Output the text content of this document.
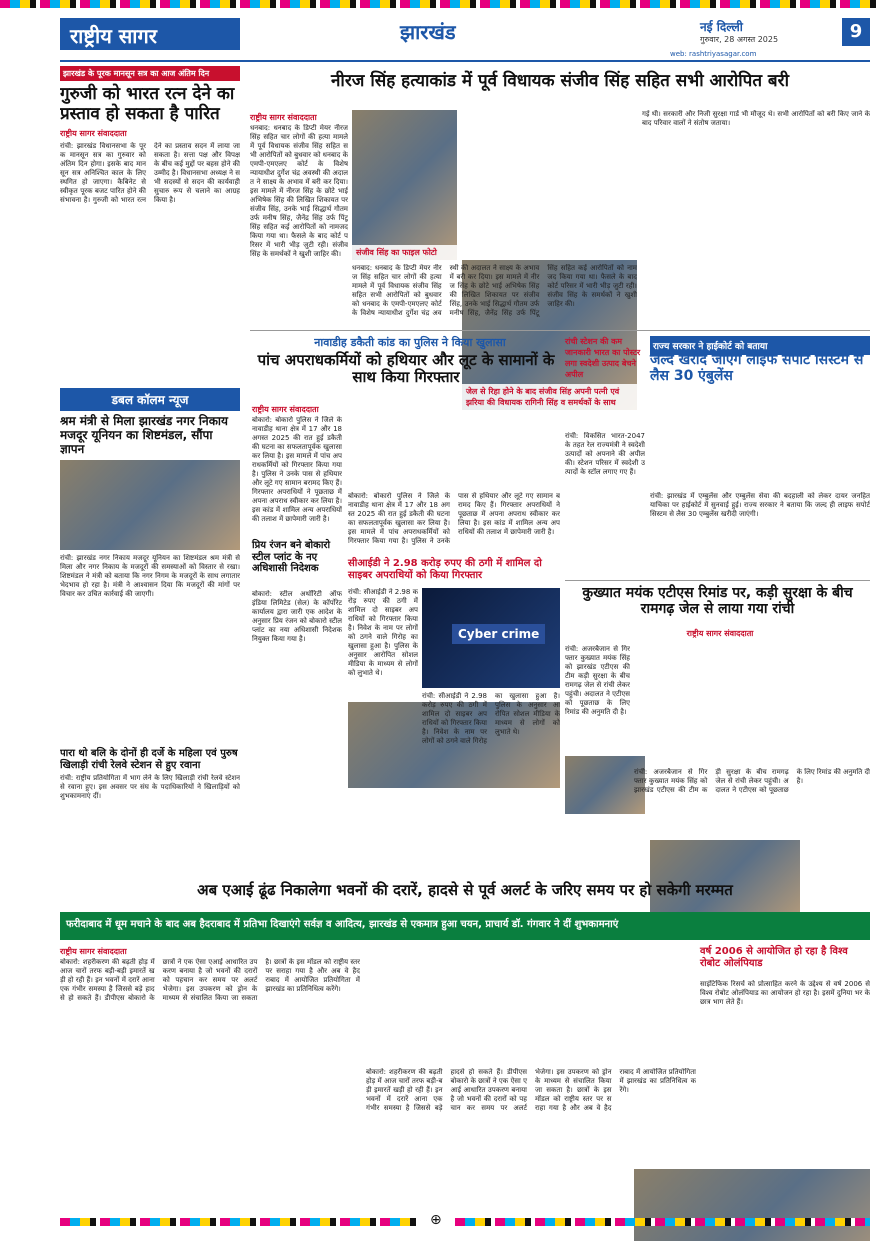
राष्ट्रीय सागर	झारखंड	नई दिल्ली
गुरुवार, 28 अगस्त 2025	9
web: rashtriyasagar.com
झारखंड के पूरक मानसून सत्र का आज अंतिम दिन
गुरुजी को भारत रत्न देने का प्रस्ताव हो सकता है पारित
राष्ट्रीय सागर संवाददाता
रांची: झारखंड विधानसभा के पूरक मानसून सत्र का गुरुवार को अंतिम दिन होगा। इसके बाद मानसून सत्र अनिश्चित काल के लिए स्थगित हो जाएगा। कैबिनेट से स्वीकृत पूरक बजट पारित होने की संभावना है। गुरुजी को भारत रत्न देने का प्रस्ताव सदन में लाया जा सकता है। सत्ता पक्ष और विपक्ष के बीच कई मुद्दों पर बहस होने की उम्मीद है। विधानसभा अध्यक्ष ने सभी सदस्यों से सदन की कार्यवाही सुचारु रूप से चलाने का आग्रह किया है।
डबल कॉलम न्यूज
श्रम मंत्री से मिला झारखंड नगर निकाय मजदूर यूनियन का शिष्टमंडल, सौंपा ज्ञापन
रांची: झारखंड नगर निकाय मजदूर यूनियन का शिष्टमंडल श्रम मंत्री से मिला और नगर निकाय के मजदूरों की समस्याओं को विस्तार से रखा। शिष्टमंडल ने मंत्री को बताया कि नगर निगम के मजदूरों के साथ लगातार भेदभाव हो रहा है। मंत्री ने आश्वासन दिया कि मजदूरों की मांगों पर विचार कर उचित कार्रवाई की जाएगी।
पारा थो बलि के दोनों ही दर्जे के महिला एवं पुरुष खिलाड़ी रांची रेलवे स्टेशन से हुए रवाना
रांची: राष्ट्रीय प्रतियोगिता में भाग लेने के लिए खिलाड़ी रांची रेलवे स्टेशन से रवाना हुए। इस अवसर पर संघ के पदाधिकारियों ने खिलाड़ियों को शुभकामनाएं दीं।
नीरज सिंह हत्याकांड में पूर्व विधायक संजीव सिंह सहित सभी आरोपित बरी
राष्ट्रीय सागर संवाददाता
धनबाद: धनबाद के डिप्टी मेयर नीरज सिंह सहित चार लोगों की हत्या मामले में पूर्व विधायक संजीव सिंह सहित सभी आरोपितों को बुधवार को धनबाद के एमपी-एमएलए कोर्ट के विशेष न्यायाधीश दुर्गेश चंद्र अवस्थी की अदालत ने साक्ष्य के अभाव में बरी कर दिया। इस मामले में नीरज सिंह के छोटे भाई अभिषेक सिंह की लिखित शिकायत पर संजीव सिंह, उनके भाई सिद्धार्थ गौतम उर्फ मनीष सिंह, जैनेंद्र सिंह उर्फ पिंटू सिंह सहित कई आरोपितों को नामजद किया गया था। फैसले के बाद कोर्ट परिसर में भारी भीड़ जुटी रही। संजीव सिंह के समर्थकों ने खुशी जाहिर की।	संजीव सिंह का फाइल फोटो
जेल से रिहा होने के बाद संजीव सिंह अपनी पत्नी एवं झरिया की विधायक रागिनी सिंह व समर्थकों के साथ
धनबाद: धनबाद के डिप्टी मेयर नीरज सिंह सहित चार लोगों की हत्या मामले में पूर्व विधायक संजीव सिंह सहित सभी आरोपितों को बुधवार को धनबाद के एमपी-एमएलए कोर्ट के विशेष न्यायाधीश दुर्गेश चंद्र अवस्थी की अदालत ने साक्ष्य के अभाव में बरी कर दिया। इस मामले में नीरज सिंह के छोटे भाई अभिषेक सिंह की लिखित शिकायत पर संजीव सिंह, उनके भाई सिद्धार्थ गौतम उर्फ मनीष सिंह, जैनेंद्र सिंह उर्फ पिंटू सिंह सहित कई आरोपितों को नामजद किया गया था। फैसले के बाद कोर्ट परिसर में भारी भीड़ जुटी रही। संजीव सिंह के समर्थकों ने खुशी जाहिर की।
गई थी। सरकारी और निजी सुरक्षा गार्ड भी मौजूद थे। सभी आरोपितों को बरी किए जाने के बाद परिवार वालों ने संतोष जताया।
नावाडीह डकैती कांड का पुलिस ने किया खुलासा
पांच अपराधकर्मियों को हथियार और लूट के सामानों के साथ किया गिरफ्तार
राष्ट्रीय सागर संवाददाता
बोकारो: बोकारो पुलिस ने जिले के नावाडीह थाना क्षेत्र में 17 और 18 अगस्त 2025 की रात हुई डकैती की घटना का सफलतापूर्वक खुलासा कर लिया है। इस मामले में पांच अपराधकर्मियों को गिरफ्तार किया गया है। पुलिस ने उनके पास से हथियार और लूटे गए सामान बरामद किए हैं। गिरफ्तार अपराधियों ने पूछताछ में अपना अपराध स्वीकार कर लिया है। इस कांड में शामिल अन्य अपराधियों की तलाश में छापेमारी जारी है।
बोकारो: बोकारो पुलिस ने जिले के नावाडीह थाना क्षेत्र में 17 और 18 अगस्त 2025 की रात हुई डकैती की घटना का सफलतापूर्वक खुलासा कर लिया है। इस मामले में पांच अपराधकर्मियों को गिरफ्तार किया गया है। पुलिस ने उनके पास से हथियार और लूटे गए सामान बरामद किए हैं। गिरफ्तार अपराधियों ने पूछताछ में अपना अपराध स्वीकार कर लिया है। इस कांड में शामिल अन्य अपराधियों की तलाश में छापेमारी जारी है।
प्रिय रंजन बने बोकारो स्टील प्लांट के नए अधिशासी निदेशक
बोकारो: स्टील अथॉरिटी ऑफ इंडिया लिमिटेड (सेल) के कॉर्पोरेट कार्यालय द्वारा जारी एक आदेश के अनुसार प्रिय रंजन को बोकारो स्टील प्लांट का नया अधिशासी निदेशक नियुक्त किया गया है।
सीआईडी ने 2.98 करोड़ रुपए की ठगी में शामिल दो साइबर अपराधियों को किया गिरफ्तार
रांची: सीआईडी ने 2.98 करोड़ रुपए की ठगी में शामिल दो साइबर अपराधियों को गिरफ्तार किया है। निवेश के नाम पर लोगों को ठगने वाले गिरोह का खुलासा हुआ है। पुलिस के अनुसार आरोपित सोशल मीडिया के माध्यम से लोगों को लुभाते थे।
Cyber crime
रांची: सीआईडी ने 2.98 करोड़ रुपए की ठगी में शामिल दो साइबर अपराधियों को गिरफ्तार किया है। निवेश के नाम पर लोगों को ठगने वाले गिरोह का खुलासा हुआ है। पुलिस के अनुसार आरोपित सोशल मीडिया के माध्यम से लोगों को लुभाते थे।
रांची स्टेशन की कम जानकारी भारत का पोस्टर लगा स्वदेशी उत्पाद बेचने अपील
रांची: विकसित भारत-2047 के तहत रेल राज्यमंत्री ने स्वदेशी उत्पादों को अपनाने की अपील की। स्टेशन परिसर में स्वदेशी उत्पादों के स्टॉल लगाए गए हैं।
राज्य सरकार ने हाईकोर्ट को बताया
जल्द खरीदे जाएंगे लाइफ सपोर्ट सिस्टम से लैस 30 एंबुलेंस
रांची: झारखंड में एम्बुलेंस और एम्बुलेंस सेवा की बदहाली को लेकर दायर जनहित याचिका पर हाईकोर्ट में सुनवाई हुई। राज्य सरकार ने बताया कि जल्द ही लाइफ सपोर्ट सिस्टम से लैस 30 एम्बुलेंस खरीदी जाएंगी।
कुख्यात मयंक एटीएस रिमांड पर, कड़ी सुरक्षा के बीच रामगढ़ जेल से लाया गया रांची
राष्ट्रीय सागर संवाददाता
रांची: अजरबैजान से गिरफ्तार कुख्यात मयंक सिंह को झारखंड एटीएस की टीम कड़ी सुरक्षा के बीच रामगढ़ जेल से रांची लेकर पहुंची। अदालत ने एटीएस को पूछताछ के लिए रिमांड की अनुमति दी है।
रांची: अजरबैजान से गिरफ्तार कुख्यात मयंक सिंह को झारखंड एटीएस की टीम कड़ी सुरक्षा के बीच रामगढ़ जेल से रांची लेकर पहुंची। अदालत ने एटीएस को पूछताछ के लिए रिमांड की अनुमति दी है।
अब एआई ढूंढ निकालेगा भवनों की दरारें, हादसे से पूर्व अलर्ट के जरिए समय पर हो सकेगी मरम्मत
फरीदाबाद में धूम मचाने के बाद अब हैदराबाद में प्रतिभा दिखाएंगे सर्वज्ञ व आदित्य, झारखंड से एकमात्र हुआ चयन, प्राचार्य डॉ. गंगवार ने दीं शुभकामनाएं
राष्ट्रीय सागर संवाददाता
बोकारो: शहरीकरण की बढ़ती होड़ में आज चारों तरफ बड़ी-बड़ी इमारतें खड़ी हो रही हैं। इन भवनों में दरारें आना एक गंभीर समस्या है जिससे बड़े हादसे हो सकते हैं। डीपीएस बोकारो के छात्रों ने एक ऐसा एआई आधारित उपकरण बनाया है जो भवनों की दरारों को पहचान कर समय पर अलर्ट भेजेगा। इस उपकरण को ड्रोन के माध्यम से संचालित किया जा सकता है। छात्रों के इस मॉडल को राष्ट्रीय स्तर पर सराहा गया है और अब वे हैदराबाद में आयोजित प्रतियोगिता में झारखंड का प्रतिनिधित्व करेंगे।
बोकारो: शहरीकरण की बढ़ती होड़ में आज चारों तरफ बड़ी-बड़ी इमारतें खड़ी हो रही हैं। इन भवनों में दरारें आना एक गंभीर समस्या है जिससे बड़े हादसे हो सकते हैं। डीपीएस बोकारो के छात्रों ने एक ऐसा एआई आधारित उपकरण बनाया है जो भवनों की दरारों को पहचान कर समय पर अलर्ट भेजेगा। इस उपकरण को ड्रोन के माध्यम से संचालित किया जा सकता है। छात्रों के इस मॉडल को राष्ट्रीय स्तर पर सराहा गया है और अब वे हैदराबाद में आयोजित प्रतियोगिता में झारखंड का प्रतिनिधित्व करेंगे।
वर्ष 2006 से आयोजित हो रहा है विश्व रोबोट ओलंपियाड
साइंटिफिक रिसर्च को प्रोत्साहित करने के उद्देश्य से वर्ष 2006 से विश्व रोबोट ओलंपियाड का आयोजन हो रहा है। इसमें दुनिया भर के छात्र भाग लेते हैं।
⊕
